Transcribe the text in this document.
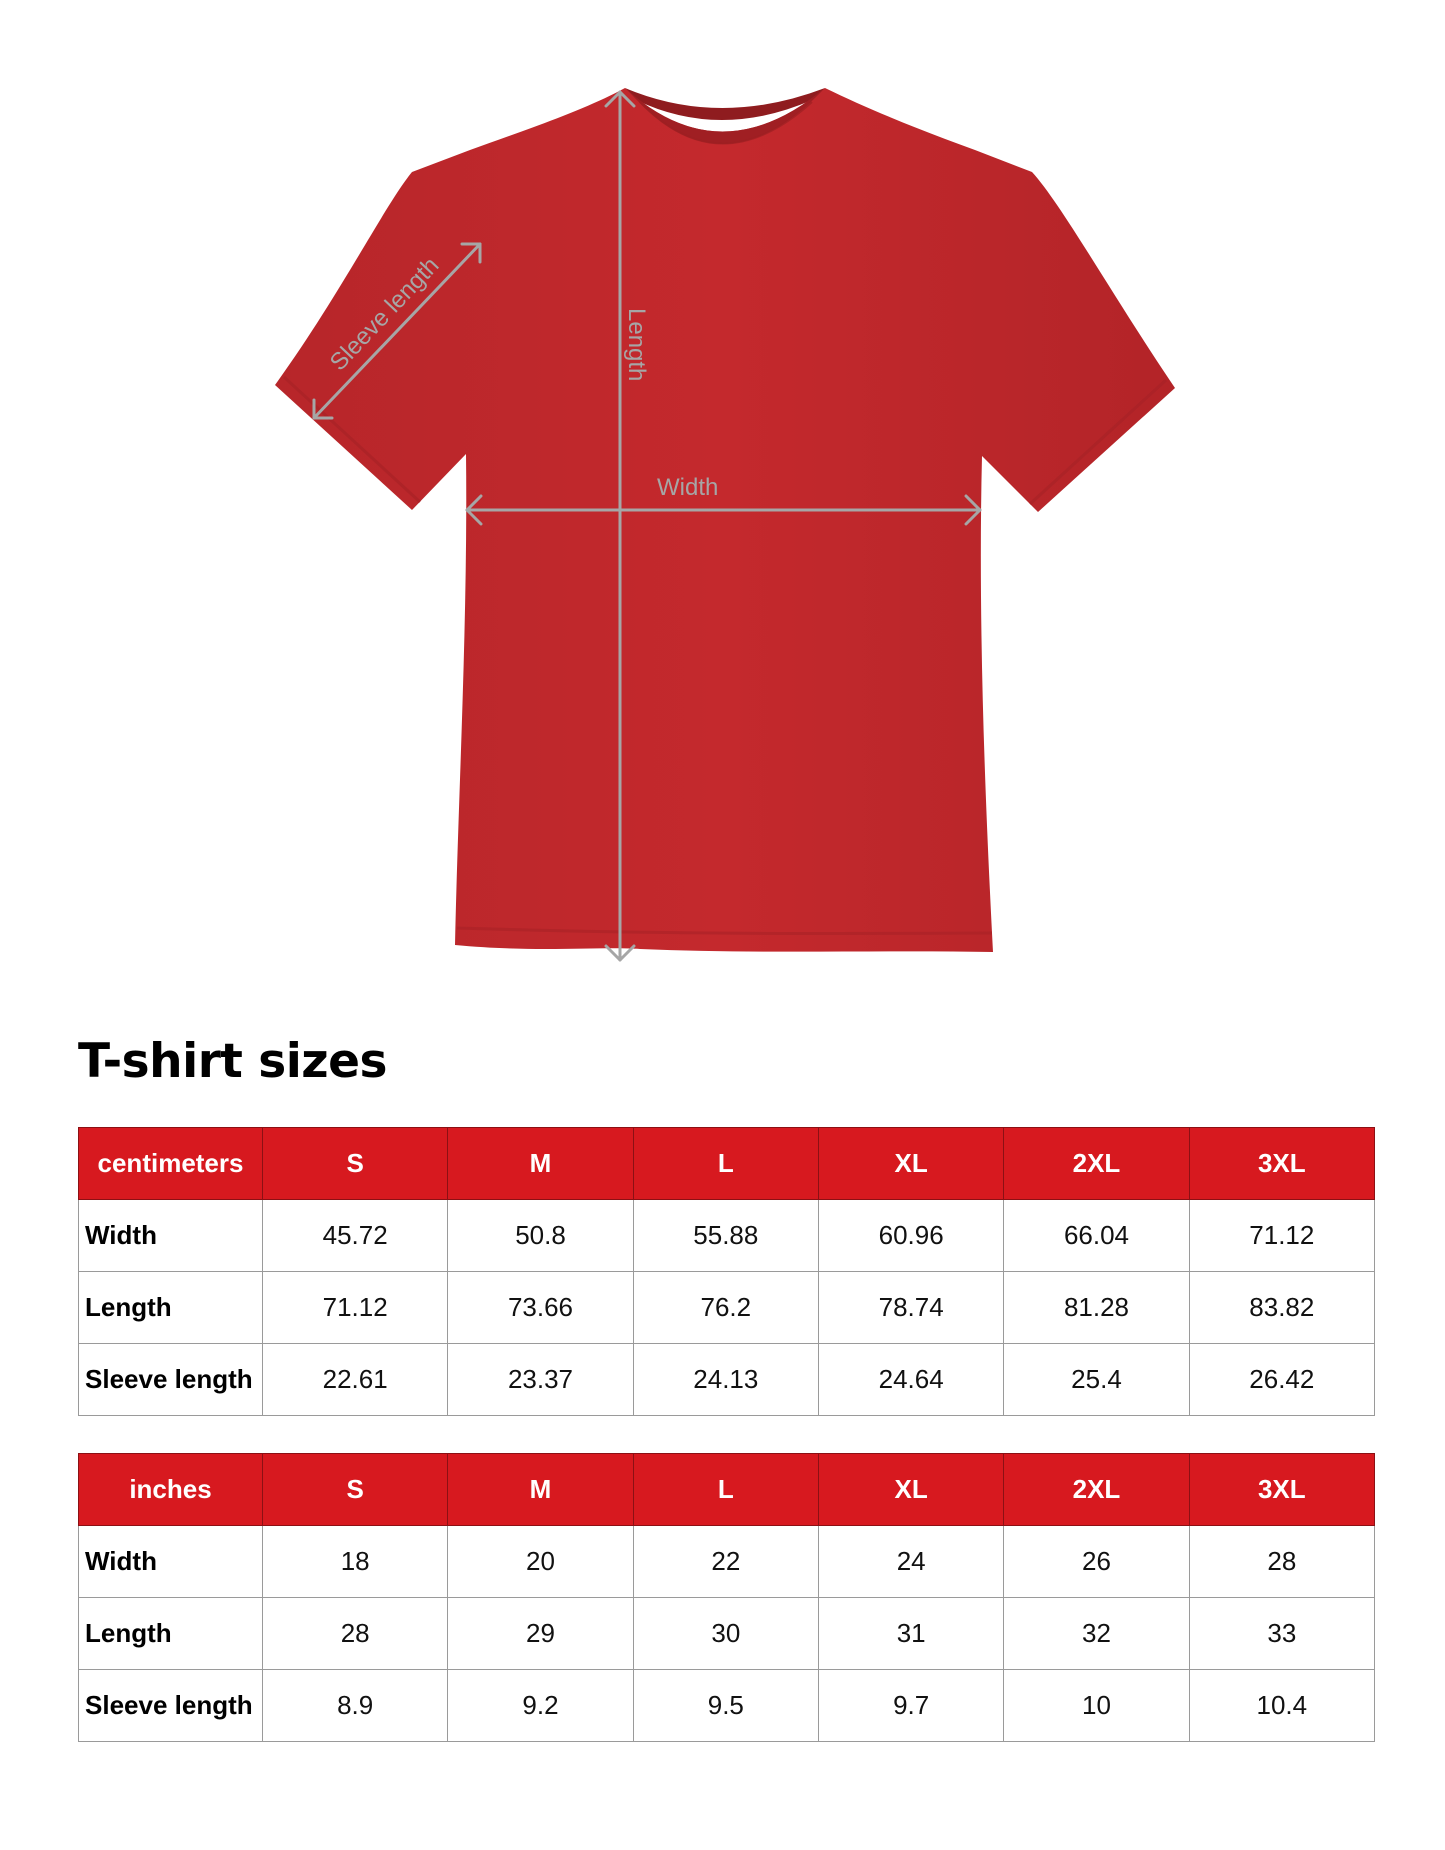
Sleeve length	Length
Width
T-shirt sizes
centimeters	S	M	L	XL	2XL	3XL
Width	45.72	50.8	55.88	60.96	66.04	71.12
Length	71.12	73.66	76.2	78.74	81.28	83.82
Sleeve length	22.61	23.37	24.13	24.64	25.4	26.42
inches	S	M	L	XL	2XL	3XL
Width	18	20	22	24	26	28
Length	28	29	30	31	32	33
Sleeve length	8.9	9.2	9.5	9.7	10	10.4
